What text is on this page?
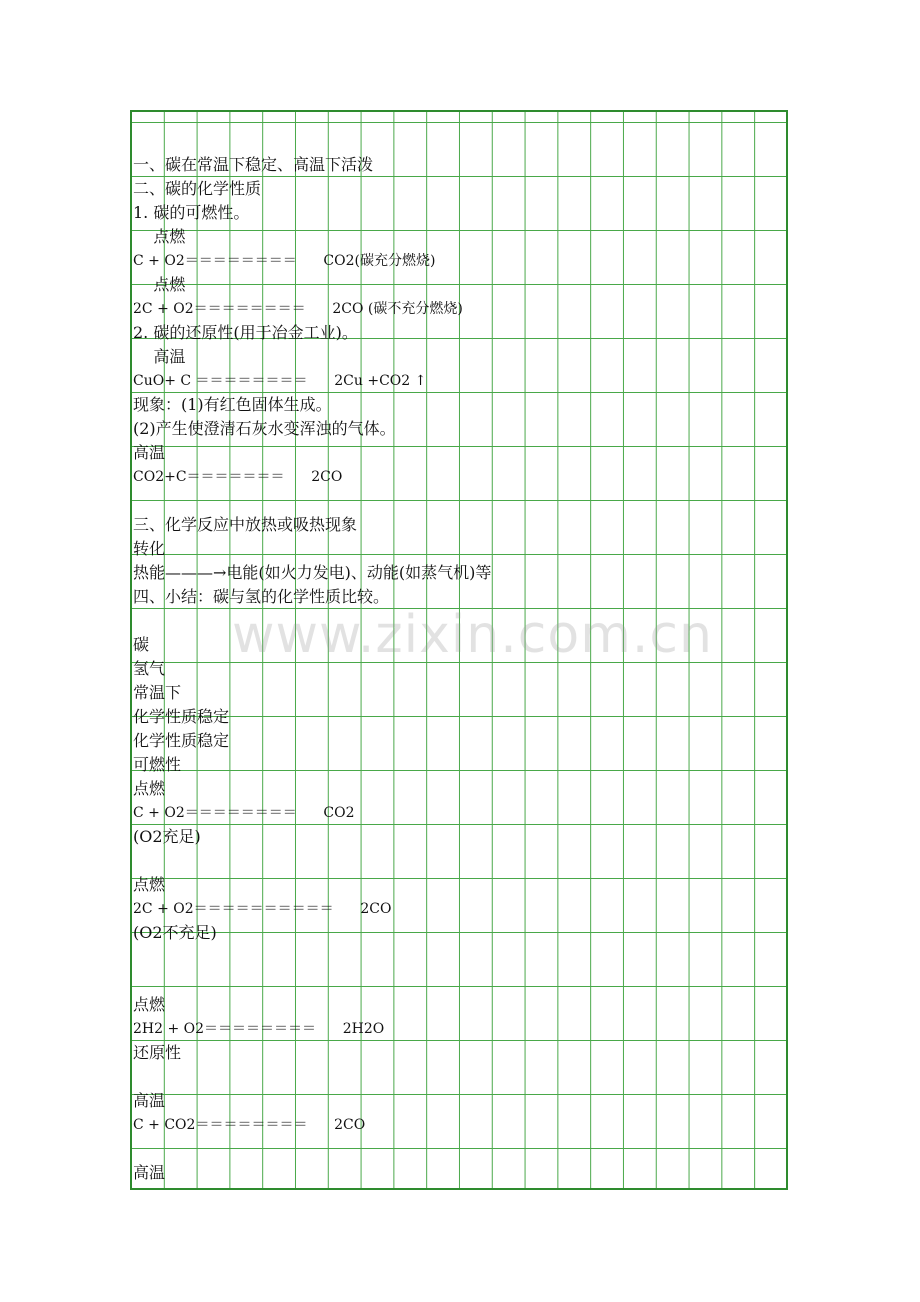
一、碳在常温下稳定、高温下活泼
二、碳的化学性质
1. 碳的可燃性。
点燃
C + O2＝＝＝＝＝＝＝＝      CO2(碳充分燃烧)
点燃
2C + O2＝＝＝＝＝＝＝＝      2CO (碳不充分燃烧)
2. 碳的还原性(用于冶金工业)。
高温
CuO+ C ＝＝＝＝＝＝＝＝      2Cu +CO2 ↑
现象：(1)有红色固体生成。
(2)产生使澄清石灰水变浑浊的气体。
高温
CO2+C＝＝＝＝＝＝＝      2CO
三、化学反应中放热或吸热现象
转化
热能———→电能(如火力发电)、动能(如蒸气机)等
四、小结：碳与氢的化学性质比较。
碳
氢气
常温下
化学性质稳定
化学性质稳定
可燃性
点燃
C + O2＝＝＝＝＝＝＝＝      CO2
(O2充足)
点燃
2C + O2＝＝＝＝＝＝＝＝＝＝      2CO
(O2不充足)
点燃
2H2 + O2＝＝＝＝＝＝＝＝      2H2O
还原性
高温
C + CO2＝＝＝＝＝＝＝＝      2CO
高温
www.zixin.com.cn
